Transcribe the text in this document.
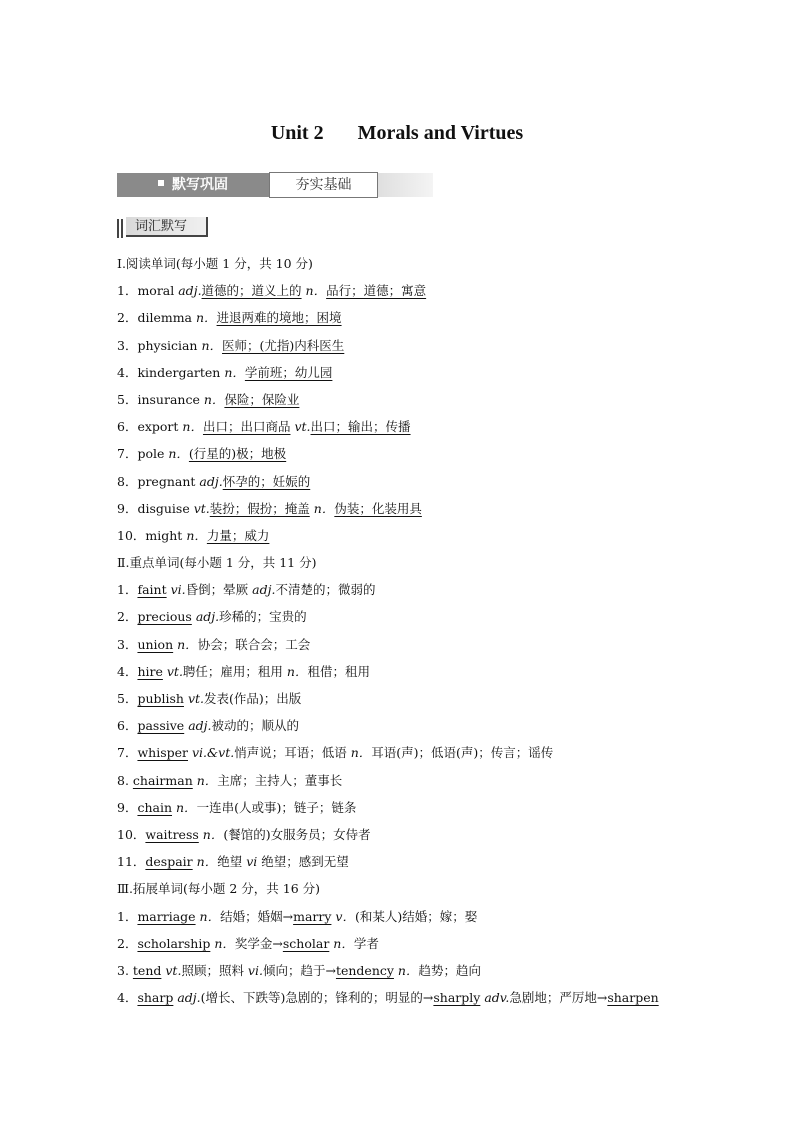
Unit 2 Morals and Virtues
默写巩固	夯实基础
词汇默写
Ⅰ.阅读单词(每小题 1 分，共 10 分)
1．moral adj.道德的；道义上的 n．品行；道德；寓意
2．dilemma n．进退两难的境地；困境
3．physician n．医师；(尤指)内科医生
4．kindergarten n．学前班；幼儿园
5．insurance n．保险；保险业
6．export n．出口；出口商品 vt.出口；输出；传播
7．pole n．(行星的)极；地极
8．pregnant adj.怀孕的；妊娠的
9．disguise vt.装扮；假扮；掩盖 n．伪装；化装用具
10．might n．力量；威力
Ⅱ.重点单词(每小题 1 分，共 11 分)
1．faint vi.昏倒；晕厥 adj.不清楚的；微弱的
2．precious adj.珍稀的；宝贵的
3．union n．协会；联合会；工会
4．hire vt.聘任；雇用；租用 n．租借；租用
5．publish vt.发表(作品)；出版
6．passive adj.被动的；顺从的
7．whisper vi.&vt.悄声说；耳语；低语 n．耳语(声)；低语(声)；传言；谣传
8. chairman n．主席；主持人；董事长
9．chain n．一连串(人或事)；链子；链条
10．waitress n．(餐馆的)女服务员；女侍者
11．despair n．绝望 vi 绝望；感到无望
Ⅲ.拓展单词(每小题 2 分，共 16 分)
1．marriage n．结婚；婚姻→marry v．(和某人)结婚；嫁；娶
2．scholarship n．奖学金→scholar n．学者
3. tend vt.照顾；照料 vi.倾向；趋于→tendency n．趋势；趋向
4．sharp adj.(增长、下跌等)急剧的；锋利的；明显的→sharply adv.急剧地；严厉地→sharpen
